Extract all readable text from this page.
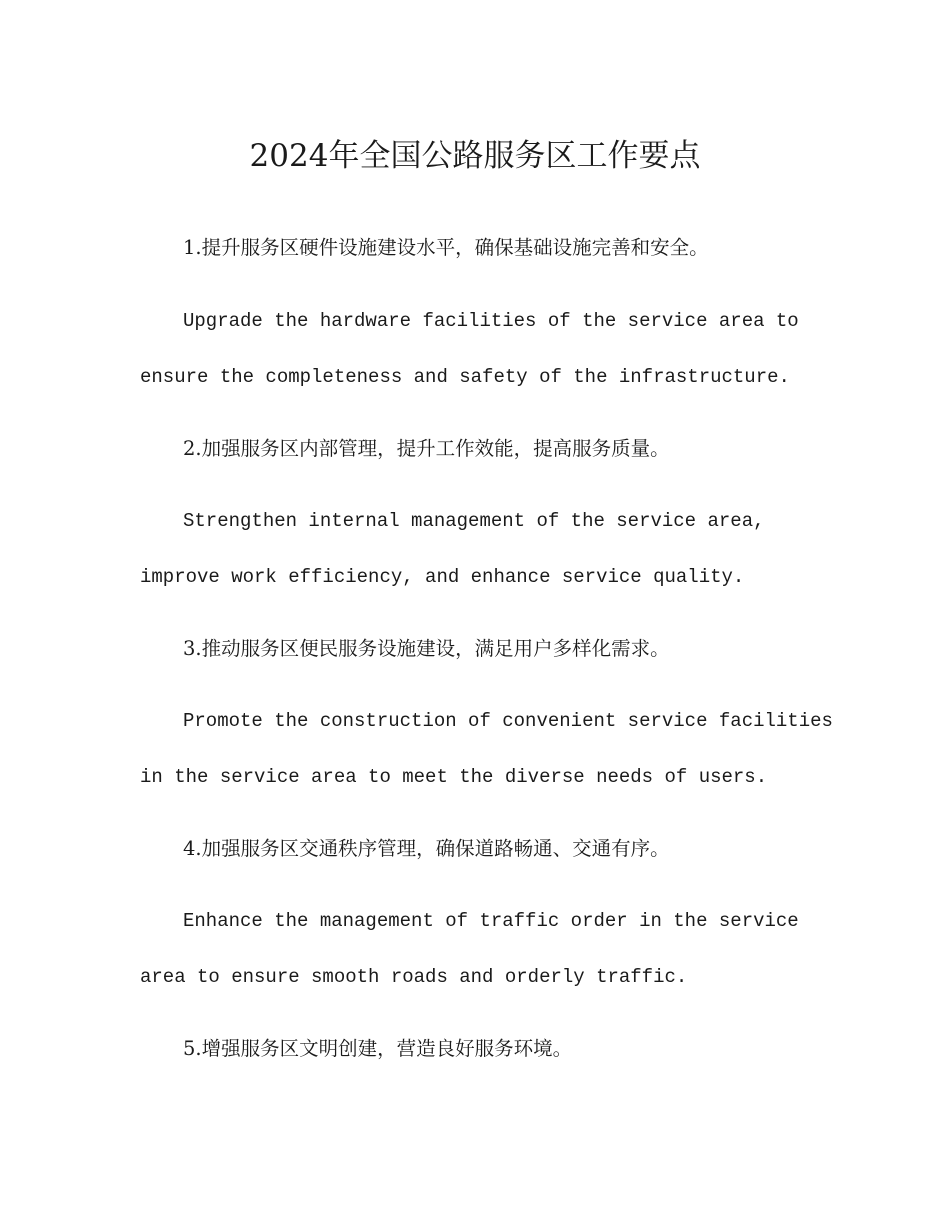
2024年全国公路服务区工作要点
1.提升服务区硬件设施建设水平，确保基础设施完善和安全。
Upgrade the hardware facilities of the service area to
ensure the completeness and safety of the infrastructure.
2.加强服务区内部管理，提升工作效能，提高服务质量。
Strengthen internal management of the service area,
improve work efficiency, and enhance service quality.
3.推动服务区便民服务设施建设，满足用户多样化需求。
Promote the construction of convenient service facilities
in the service area to meet the diverse needs of users.
4.加强服务区交通秩序管理，确保道路畅通、交通有序。
Enhance the management of traffic order in the service
area to ensure smooth roads and orderly traffic.
5.增强服务区文明创建，营造良好服务环境。
